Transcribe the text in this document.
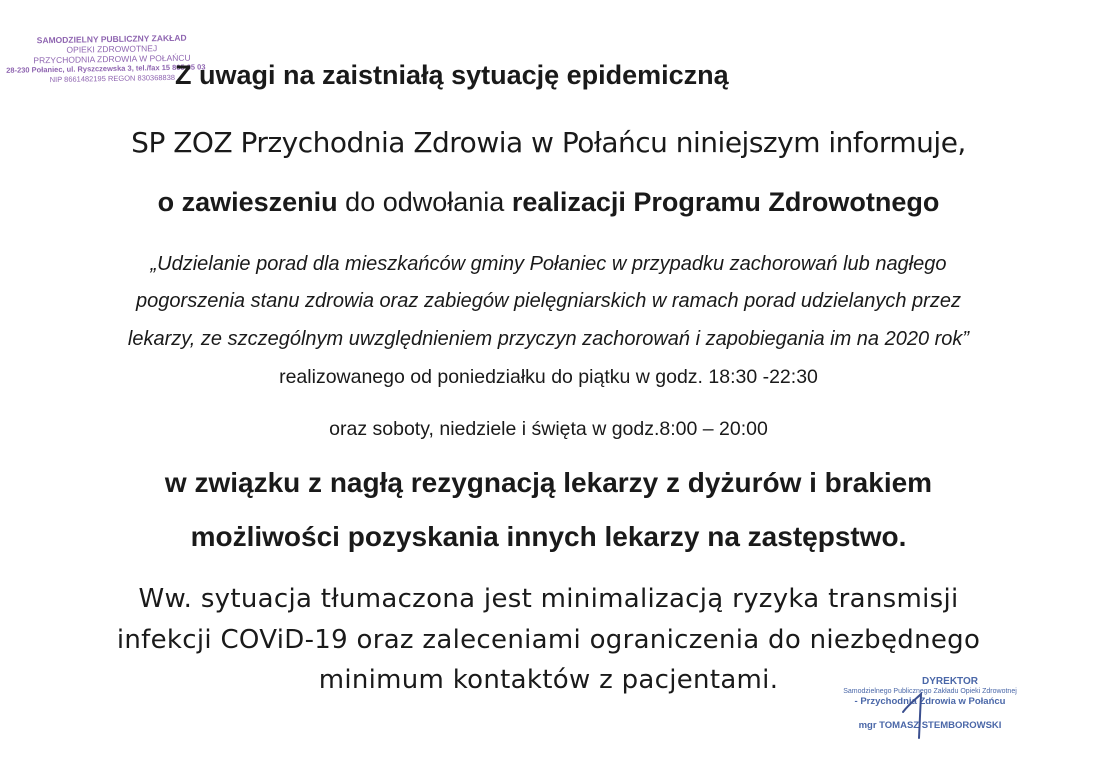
SAMODZIELNY PUBLICZNY ZAKŁAD
OPIEKI ZDROWOTNEJ
PRZYCHODNIA ZDROWIA W POŁAŃCU
28-230 Połaniec, ul. Ryszczewska 3, tel./fax 15 865 05 03
NIP 8661482195 REGON 830368838 Z uwagi na zaistniałą sytuację epidemiczną
SP ZOZ Przychodnia Zdrowia w Połańcu niniejszym informuje,
o zawieszeniu do odwołania realizacji Programu Zdrowotnego
„Udzielanie porad dla mieszkańców gminy Połaniec w przypadku zachorowań lub nagłego
pogorszenia stanu zdrowia oraz zabiegów pielęgniarskich w ramach porad udzielanych przez
lekarzy, ze szczególnym uwzględnieniem przyczyn zachorowań i zapobiegania im na 2020 rok”
realizowanego od poniedziałku do piątku w godz. 18:30 -22:30
oraz soboty, niedziele i święta w godz.8:00 – 20:00
w związku z nagłą rezygnacją lekarzy z dyżurów i brakiem
możliwości pozyskania innych lekarzy na zastępstwo.
Ww. sytuacja tłumaczona jest minimalizacją ryzyka transmisji
infekcji COViD-19 oraz zaleceniami ograniczenia do niezbędnego
minimum kontaktów z pacjentami.	DYREKTOR
Samodzielnego Publicznego Zakładu Opieki Zdrowotnej
- Przychodnia Zdrowia w Połańcu
mgr TOMASZ STEMBOROWSKI
